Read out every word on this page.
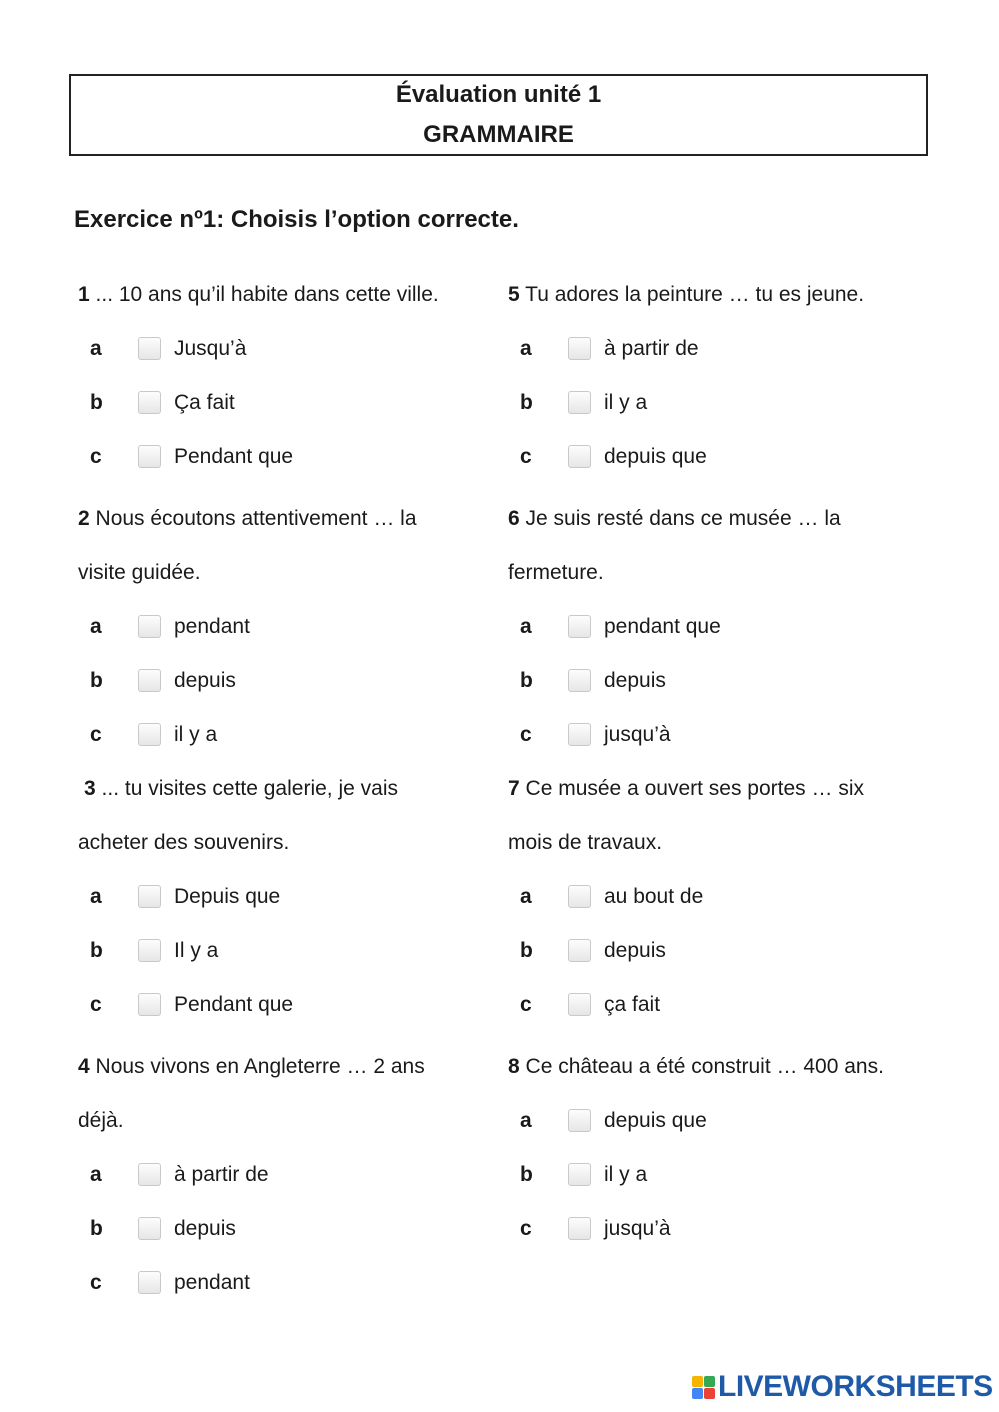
Évaluation unité 1
GRAMMAIRE
Exercice nº1: Choisis l’option correcte.
1 ... 10 ans qu’il habite dans cette ville.
a	Jusqu’à
b	Ça fait
c	Pendant que
2 Nous écoutons attentivement … la
visite guidée.
a	pendant
b	depuis
c	il y a
3 ... tu visites cette galerie, je vais
acheter des souvenirs.
a	Depuis que
b	Il y a
c	Pendant que
4 Nous vivons en Angleterre … 2 ans
déjà.
a	à partir de
b	depuis
c	pendant
5 Tu adores la peinture … tu es jeune.
a	à partir de
b	il y a
c	depuis que
6 Je suis resté dans ce musée … la
fermeture.
a	pendant que
b	depuis
c	jusqu’à
7 Ce musée a ouvert ses portes … six
mois de travaux.
a	au bout de
b	depuis
c	ça fait
8 Ce château a été construit … 400 ans.
a	depuis que
b	il y a
c	jusqu’à
LIVEWORKSHEETS
